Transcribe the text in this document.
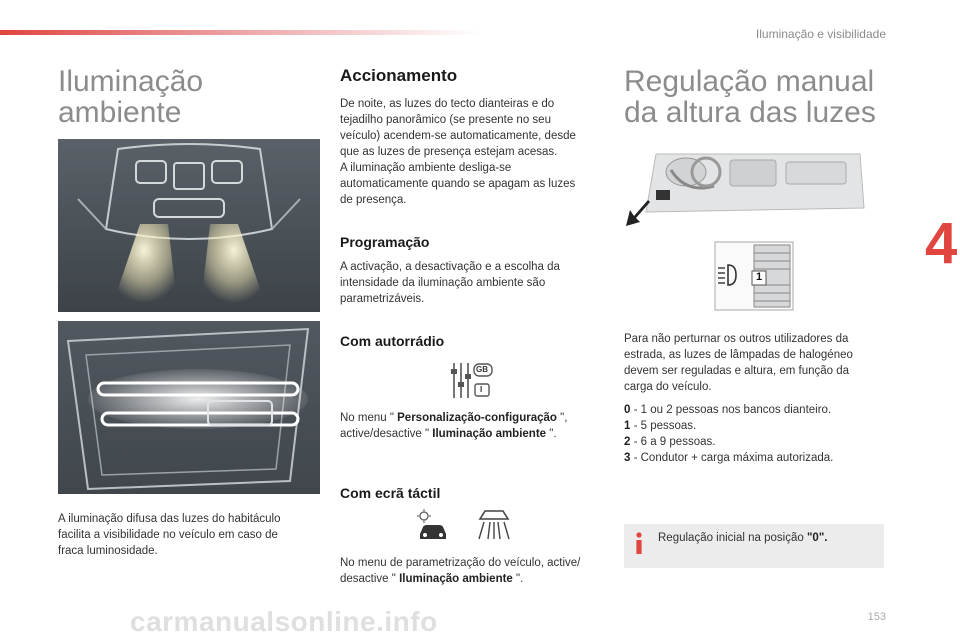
Iluminação e visibilidade
4
Iluminação
ambiente
A iluminação difusa das luzes do habitáculo
facilita a visibilidade no veículo em caso de
fraca luminosidade.
Accionamento
De noite, as luzes do tecto dianteiras e do
tejadilho panorâmico (se presente no seu
veículo) acendem-se automaticamente, desde
que as luzes de presença estejam acesas.
A iluminação ambiente desliga-se
automaticamente quando se apagam as luzes
de presença.
Programação
A activação, a desactivação e a escolha da
intensidade da iluminação ambiente são
parametrizáveis.
Com autorrádio
GB
I
No menu " Personalização-configuração ",
active/desactive " Iluminação ambiente ".
Com ecrã táctil
No menu de parametrização do veículo, active/
desactive " Iluminação ambiente ".
Regulação manual
da altura das luzes
1
Para não perturnar os outros utilizadores da
estrada, as luzes de lâmpadas de halogéneo
devem ser reguladas e altura, em função da
carga do veículo.
0 - 1 ou 2 pessoas nos bancos dianteiro.
1 - 5 pessoas.
2 - 6 a 9 pessoas.
3 - Condutor + carga máxima autorizada.
Regulação inicial na posição "0".
carmanualsonline.info	153
